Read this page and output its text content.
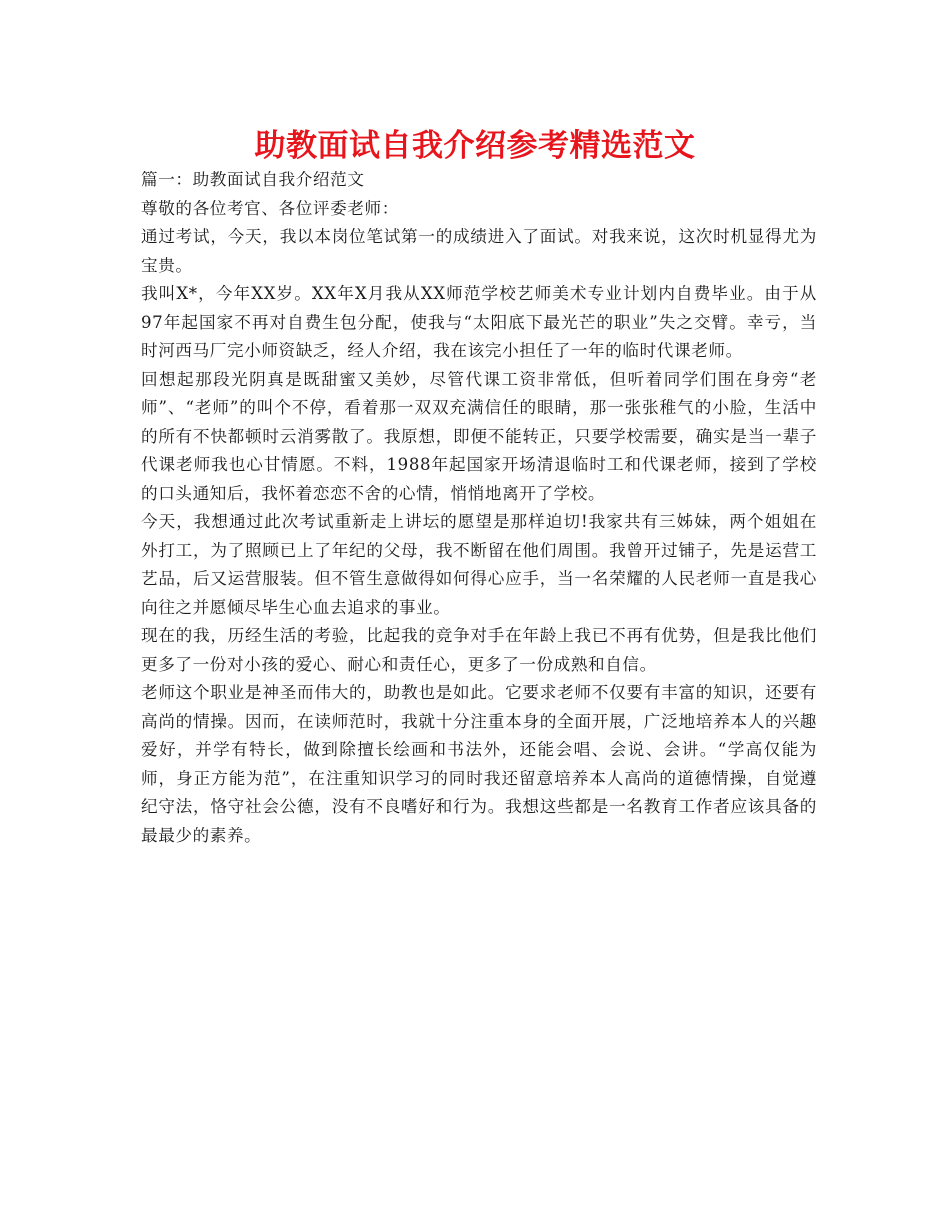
助教面试自我介绍参考精选范文

篇一：助教面试自我介绍范文

尊敬的各位考官、各位评委老师：

通过考试，今天，我以本岗位笔试第一的成绩进入了面试。对我来说，这次时机显得尤为宝贵。

我叫X*，今年XX岁。XX年X月我从XX师范学校艺师美术专业计划内自费毕业。由于从97年起国家不再对自费生包分配，使我与“太阳底下最光芒的职业”失之交臂。幸亏，当时河西马厂完小师资缺乏，经人介绍，我在该完小担任了一年的临时代课老师。

回想起那段光阴真是既甜蜜又美妙，尽管代课工资非常低，但听着同学们围在身旁“老师”、“老师”的叫个不停，看着那一双双充满信任的眼睛，那一张张稚气的小脸，生活中的所有不快都顿时云消雾散了。我原想，即便不能转正，只要学校需要，确实是当一辈子代课老师我也心甘情愿。不料，1988年起国家开场清退临时工和代课老师，接到了学校的口头通知后，我怀着恋恋不舍的心情，悄悄地离开了学校。

今天，我想通过此次考试重新走上讲坛的愿望是那样迫切!我家共有三姊妹，两个姐姐在外打工，为了照顾已上了年纪的父母，我不断留在他们周围。我曾开过铺子，先是运营工艺品，后又运营服装。但不管生意做得如何得心应手，当一名荣耀的人民老师一直是我心向往之并愿倾尽毕生心血去追求的事业。

现在的我，历经生活的考验，比起我的竞争对手在年龄上我已不再有优势，但是我比他们更多了一份对小孩的爱心、耐心和责任心，更多了一份成熟和自信。

老师这个职业是神圣而伟大的，助教也是如此。它要求老师不仅要有丰富的知识，还要有高尚的情操。因而，在读师范时，我就十分注重本身的全面开展，广泛地培养本人的兴趣爱好，并学有特长，做到除擅长绘画和书法外，还能会唱、会说、会讲。“学高仅能为师，身正方能为范”，在注重知识学习的同时我还留意培养本人高尚的道德情操，自觉遵纪守法，恪守社会公德，没有不良嗜好和行为。我想这些都是一名教育工作者应该具备的最最少的素养。
